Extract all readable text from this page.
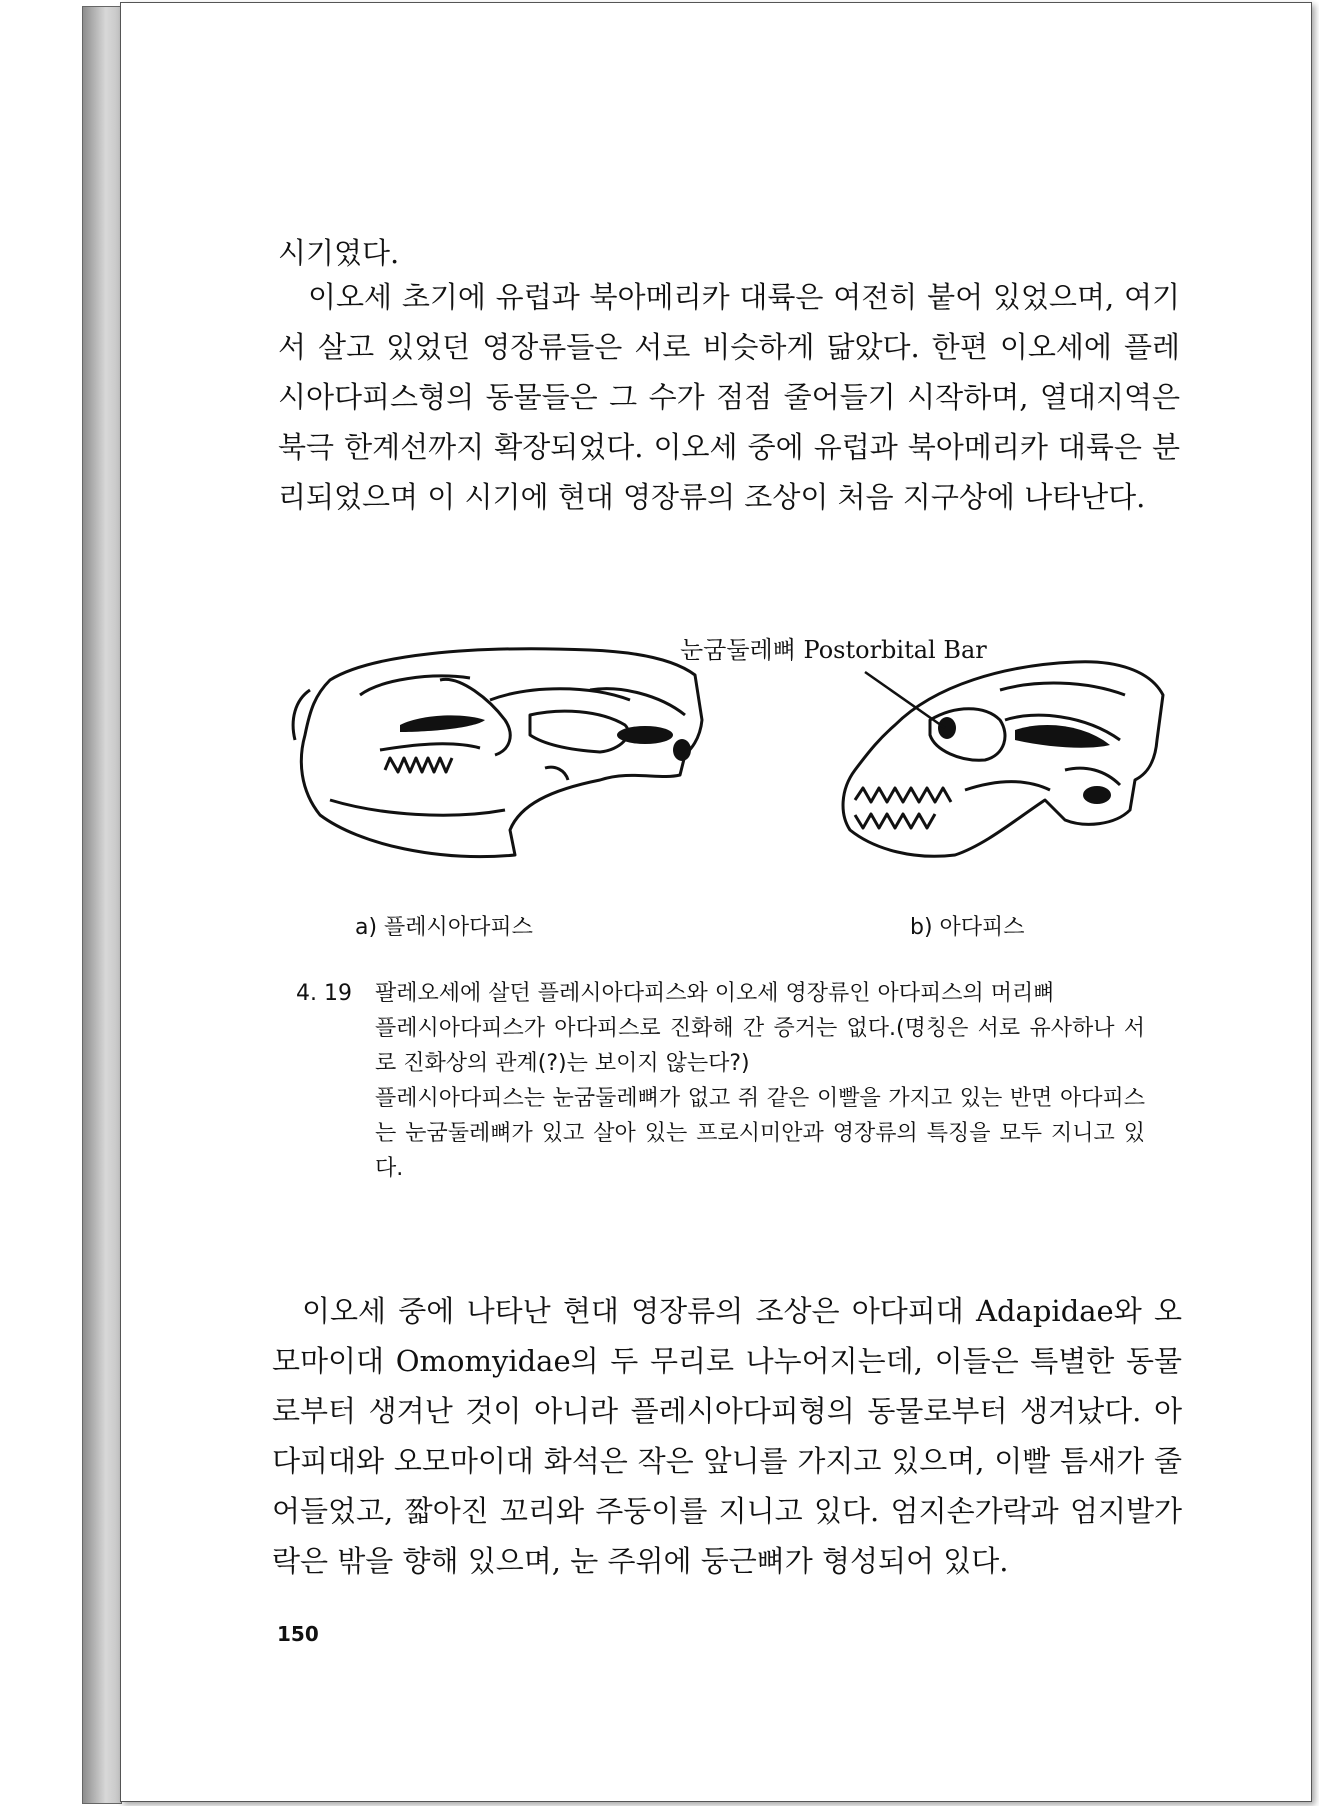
시기였다.

이오세 초기에 유럽과 북아메리카 대륙은 여전히 붙어 있었으며, 여기서 살고 있었던 영장류들은 서로 비슷하게 닮았다. 한편 이오세에 플레시아다피스형의 동물들은 그 수가 점점 줄어들기 시작하며, 열대지역은 북극 한계선까지 확장되었다. 이오세 중에 유럽과 북아메리카 대륙은 분리되었으며 이 시기에 현대 영장류의 조상이 처음 지구상에 나타난다.

눈굼둘레뼈 Postorbital Bar
a) 플레시아다피스	b) 아다피스
4. 19 팔레오세에 살던 플레시아다피스와 이오세 영장류인 아다피스의 머리뼈

플레시아다피스가 아다피스로 진화해 간 증거는 없다.(명칭은 서로 유사하나 서로 진화상의 관계(?)는 보이지 않는다?)

플레시아다피스는 눈굼둘레뼈가 없고 쥐 같은 이빨을 가지고 있는 반면 아다피스는 눈굼둘레뼈가 있고 살아 있는 프로시미안과 영장류의 특징을 모두 지니고 있다.

이오세 중에 나타난 현대 영장류의 조상은 아다피대 Adapidae와 오모마이대 Omomyidae의 두 무리로 나누어지는데, 이들은 특별한 동물로부터 생겨난 것이 아니라 플레시아다피형의 동물로부터 생겨났다. 아다피대와 오모마이대 화석은 작은 앞니를 가지고 있으며, 이빨 틈새가 줄어들었고, 짧아진 꼬리와 주둥이를 지니고 있다. 엄지손가락과 엄지발가락은 밖을 향해 있으며, 눈 주위에 둥근뼈가 형성되어 있다.

150
